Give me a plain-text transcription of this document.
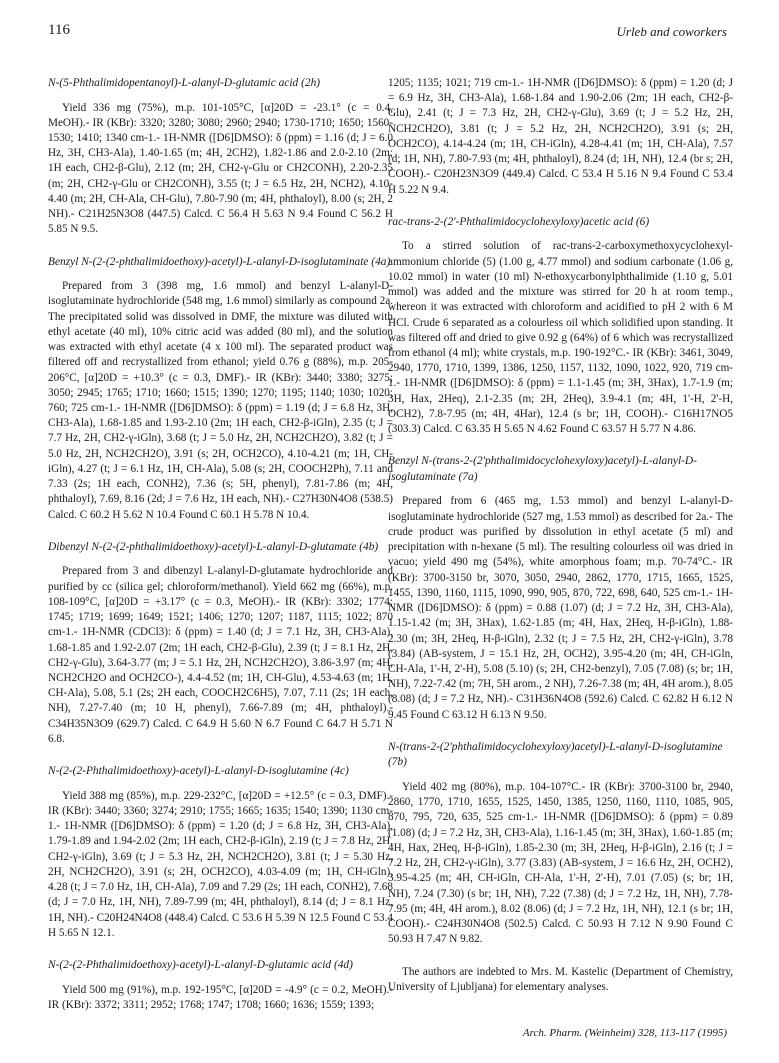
116	Urleb and coworkers
N-(5-Phthalimidopentanoyl)-L-alanyl-D-glutamic acid (2h)

Yield 336 mg (75%), m.p. 101-105°C, [α]20D = -23.1° (c = 0.4, MeOH).- IR (KBr): 3320; 3280; 3080; 2960; 2940; 1730-1710; 1650; 1560-1530; 1410; 1340 cm-1.- 1H-NMR ([D6]DMSO): δ (ppm) = 1.16 (d; J = 6.0 Hz, 3H, CH3-Ala), 1.40-1.65 (m; 4H, 2CH2), 1.82-1.86 and 2.0-2.10 (2m; 1H each, CH2-β-Glu), 2.12 (m; 2H, CH2-γ-Glu or CH2CONH), 2.20-2.35 (m; 2H, CH2-γ-Glu or CH2CONH), 3.55 (t; J = 6.5 Hz, 2H, NCH2), 4.10-4.40 (m; 2H, CH-Ala, CH-Glu), 7.80-7.90 (m; 4H, phthaloyl), 8.00 (s; 2H, 2 NH).- C21H25N3O8 (447.5) Calcd. C 56.4 H 5.63 N 9.4 Found C 56.2 H 5.85 N 9.5.

Benzyl N-(2-(2-phthalimidoethoxy)-acetyl)-L-alanyl-D-isoglutaminate (4a)

Prepared from 3 (398 mg, 1.6 mmol) and benzyl L-alanyl-D-isoglutaminate hydrochloride (548 mg, 1.6 mmol) similarly as compound 2a. The precipitated solid was dissolved in DMF, the mixture was diluted with ethyl acetate (40 ml), 10% citric acid was added (80 ml), and the solution was extracted with ethyl acetate (4 x 100 ml). The separated product was filtered off and recrystallized from ethanol; yield 0.76 g (88%), m.p. 205-206°C, [α]20D = +10.3° (c = 0.3, DMF).- IR (KBr): 3440; 3380; 3275; 3050; 2945; 1765; 1710; 1660; 1515; 1390; 1270; 1195; 1140; 1030; 1020; 760; 725 cm-1.- 1H-NMR ([D6]DMSO): δ (ppm) = 1.19 (d; J = 6.8 Hz, 3H, CH3-Ala), 1.68-1.85 and 1.93-2.10 (2m; 1H each, CH2-β-iGln), 2.35 (t; J = 7.7 Hz, 2H, CH2-γ-iGln), 3.68 (t; J = 5.0 Hz, 2H, NCH2CH2O), 3.82 (t; J = 5.0 Hz, 2H, NCH2CH2O), 3.91 (s; 2H, OCH2CO), 4.10-4.21 (m; 1H, CH-iGln), 4.27 (t; J = 6.1 Hz, 1H, CH-Ala), 5.08 (s; 2H, COOCH2Ph), 7.11 and 7.33 (2s; 1H each, CONH2), 7.36 (s; 5H, phenyl), 7.81-7.86 (m; 4H, phthaloyl), 7.69, 8.16 (2d; J = 7.6 Hz, 1H each, NH).- C27H30N4O8 (538.5) Calcd. C 60.2 H 5.62 N 10.4 Found C 60.1 H 5.78 N 10.4.

Dibenzyl N-(2-(2-phthalimidoethoxy)-acetyl)-L-alanyl-D-glutamate (4b)

Prepared from 3 and dibenzyl L-alanyl-D-glutamate hydrochloride and purified by cc (silica gel; chloroform/methanol). Yield 662 mg (66%), m.p. 108-109°C, [α]20D = +3.17° (c = 0.3, MeOH).- IR (KBr): 3302; 1774; 1745; 1719; 1699; 1649; 1521; 1406; 1270; 1207; 1187, 1115; 1022; 870 cm-1.- 1H-NMR (CDCl3): δ (ppm) = 1.40 (d; J = 7.1 Hz, 3H, CH3-Ala), 1.68-1.85 and 1.92-2.07 (2m; 1H each, CH2-β-Glu), 2.39 (t; J = 8.1 Hz, 2H, CH2-γ-Glu), 3.64-3.77 (m; J = 5.1 Hz, 2H, NCH2CH2O), 3.86-3.97 (m; 4H, NCH2CH2O and OCH2CO-), 4.4-4.52 (m; 1H, CH-Glu), 4.53-4.63 (m; 1H, CH-Ala), 5.08, 5.1 (2s; 2H each, COOCH2C6H5), 7.07, 7.11 (2s; 1H each, NH), 7.27-7.40 (m; 10 H, phenyl), 7.66-7.89 (m; 4H, phthaloyl).- C34H35N3O9 (629.7) Calcd. C 64.9 H 5.60 N 6.7 Found C 64.7 H 5.71 N 6.8.

N-(2-(2-Phthalimidoethoxy)-acetyl)-L-alanyl-D-isoglutamine (4c)

Yield 388 mg (85%), m.p. 229-232°C, [α]20D = +12.5° (c = 0.3, DMF).- IR (KBr): 3440; 3360; 3274; 2910; 1755; 1665; 1635; 1540; 1390; 1130 cm-1.- 1H-NMR ([D6]DMSO): δ (ppm) = 1.20 (d; J = 6.8 Hz, 3H, CH3-Ala), 1.79-1.89 and 1.94-2.02 (2m; 1H each, CH2-β-iGln), 2.19 (t; J = 7.8 Hz, 2H, CH2-γ-iGln), 3.69 (t; J = 5.3 Hz, 2H, NCH2CH2O), 3.81 (t; J = 5.30 Hz, 2H, NCH2CH2O), 3.91 (s; 2H, OCH2CO), 4.03-4.09 (m; 1H, CH-iGln), 4.28 (t; J = 7.0 Hz, 1H, CH-Ala), 7.09 and 7.29 (2s; 1H each, CONH2), 7.68 (d; J = 7.0 Hz, 1H, NH), 7.89-7.99 (m; 4H, phthaloyl), 8.14 (d; J = 8.1 Hz, 1H, NH).- C20H24N4O8 (448.4) Calcd. C 53.6 H 5.39 N 12.5 Found C 53.4 H 5.65 N 12.1.

N-(2-(2-Phthalimidoethoxy)-acetyl)-L-alanyl-D-glutamic acid (4d)

Yield 500 mg (91%), m.p. 192-195°C, [α]20D = -4.9° (c = 0.2, MeOH).- IR (KBr): 3372; 3311; 2952; 1768; 1747; 1708; 1660; 1636; 1559; 1393;

1205; 1135; 1021; 719 cm-1.- 1H-NMR ([D6]DMSO): δ (ppm) = 1.20 (d; J = 6.9 Hz, 3H, CH3-Ala), 1.68-1.84 and 1.90-2.06 (2m; 1H each, CH2-β-Glu), 2.41 (t; J = 7.3 Hz, 2H, CH2-γ-Glu), 3.69 (t; J = 5.2 Hz, 2H, NCH2CH2O), 3.81 (t; J = 5.2 Hz, 2H, NCH2CH2O), 3.91 (s; 2H, OCH2CO), 4.14-4.24 (m; 1H, CH-iGln), 4.28-4.41 (m; 1H, CH-Ala), 7.57 (d; 1H, NH), 7.80-7.93 (m; 4H, phthaloyl), 8.24 (d; 1H, NH), 12.4 (br s; 2H, COOH).- C20H23N3O9 (449.4) Calcd. C 53.4 H 5.16 N 9.4 Found C 53.4 H 5.22 N 9.4.

rac-trans-2-(2'-Phthalimidocyclohexyloxy)acetic acid (6)

To a stirred solution of rac-trans-2-carboxymethoxycyclohexyl-ammonium chloride (5) (1.00 g, 4.77 mmol) and sodium carbonate (1.06 g, 10.02 mmol) in water (10 ml) N-ethoxycarbonylphthalimide (1.10 g, 5.01 mmol) was added and the mixture was stirred for 20 h at room temp., whereon it was extracted with chloroform and acidified to pH 2 with 6 M HCl. Crude 6 separated as a colourless oil which solidified upon standing. It was filtered off and dried to give 0.92 g (64%) of 6 which was recrystallized from ethanol (4 ml); white crystals, m.p. 190-192°C.- IR (KBr): 3461, 3049, 2940, 1770, 1710, 1399, 1386, 1250, 1157, 1132, 1090, 1022, 920, 719 cm-1.- 1H-NMR ([D6]DMSO): δ (ppm) = 1.1-1.45 (m; 3H, 3Hax), 1.7-1.9 (m; 3H, Hax, 2Heq), 2.1-2.35 (m; 2H, 2Heq), 3.9-4.1 (m; 4H, 1'-H, 2'-H, OCH2), 7.8-7.95 (m; 4H, 4Har), 12.4 (s br; 1H, COOH).- C16H17NO5 (303.3) Calcd. C 63.35 H 5.65 N 4.62 Found C 63.57 H 5.77 N 4.86.

Benzyl N-(trans-2-(2'phthalimidocyclohexyloxy)acetyl)-L-alanyl-D-isoglutaminate (7a)

Prepared from 6 (465 mg, 1.53 mmol) and benzyl L-alanyl-D-isoglutaminate hydrochloride (527 mg, 1.53 mmol) as described for 2a.- The crude product was purified by dissolution in ethyl acetate (5 ml) and precipitation with n-hexane (5 ml). The resulting colourless oil was dried in vacuo; yield 490 mg (54%), white amorphous foam; m.p. 70-74°C.- IR (KBr): 3700-3150 br, 3070, 3050, 2940, 2862, 1770, 1715, 1665, 1525, 1455, 1390, 1160, 1115, 1090, 990, 905, 870, 722, 698, 640, 525 cm-1.- 1H-NMR ([D6]DMSO): δ (ppm) = 0.88 (1.07) (d; J = 7.2 Hz, 3H, CH3-Ala), 1.15-1.42 (m; 3H, 3Hax), 1.62-1.85 (m; 4H, Hax, 2Heq, H-β-iGln), 1.88-2.30 (m; 3H, 2Heq, H-β-iGln), 2.32 (t; J = 7.5 Hz, 2H, CH2-γ-iGln), 3.78 (3.84) (AB-system, J = 15.1 Hz, 2H, OCH2), 3.95-4.20 (m; 4H, CH-iGln, CH-Ala, 1'-H, 2'-H), 5.08 (5.10) (s; 2H, CH2-benzyl), 7.05 (7.08) (s; br; 1H, NH), 7.22-7.42 (m; 7H, 5H arom., 2 NH), 7.26-7.38 (m; 4H, 4H arom.), 8.05 (8.08) (d; J = 7.2 Hz, NH).- C31H36N4O8 (592.6) Calcd. C 62.82 H 6.12 N 9.45 Found C 63.12 H 6.13 N 9.50.

N-(trans-2-(2'phthalimidocyclohexyloxy)acetyl)-L-alanyl-D-isoglutamine (7b)

Yield 402 mg (80%), m.p. 104-107°C.- IR (KBr): 3700-3100 br, 2940, 2860, 1770, 1710, 1655, 1525, 1450, 1385, 1250, 1160, 1110, 1085, 905, 870, 795, 720, 635, 525 cm-1.- 1H-NMR ([D6]DMSO): δ (ppm) = 0.89 (1.08) (d; J = 7.2 Hz, 3H, CH3-Ala), 1.16-1.45 (m; 3H, 3Hax), 1.60-1.85 (m; 4H, Hax, 2Heq, H-β-iGln), 1.85-2.30 (m; 3H, 2Heq, H-β-iGln), 2.16 (t; J = 7.2 Hz, 2H, CH2-γ-iGln), 3.77 (3.83) (AB-system, J = 16.6 Hz, 2H, OCH2), 3.95-4.25 (m; 4H, CH-iGln, CH-Ala, 1'-H, 2'-H), 7.01 (7.05) (s; br; 1H, NH), 7.24 (7.30) (s br; 1H, NH), 7.22 (7.38) (d; J = 7.2 Hz, 1H, NH), 7.78-7.95 (m; 4H, 4H arom.), 8.02 (8.06) (d; J = 7.2 Hz, 1H, NH), 12.1 (s br; 1H, COOH).- C24H30N4O8 (502.5) Calcd. C 50.93 H 7.12 N 9.90 Found C 50.93 H 7.47 N 9.82.

The authors are indebted to Mrs. M. Kastelic (Department of Chemistry, University of Ljubljana) for elementary analyses.

Arch. Pharm. (Weinheim) 328, 113-117 (1995)
